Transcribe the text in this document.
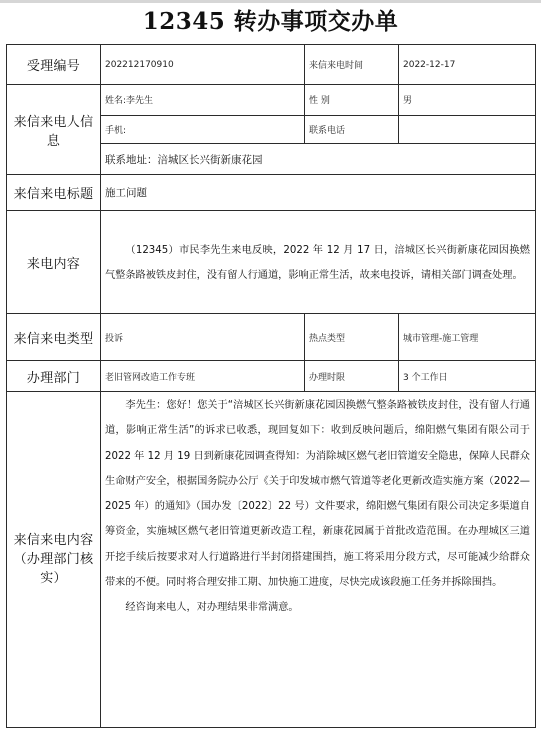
12345 转办事项交办单
受理编号	202212170910	来信来电时间	2022-12-17
来信来电人信息	姓名:李先生	性 别	男
	手机:	联系电话	
	联系地址：涪城区长兴街新康花园		
来信来电标题	施工问题		
来电内容	（12345）市民李先生来电反映，2022 年 12 月 17 日，涪城区长兴街新康花园因换燃气整条路被铁皮封住，没有留人行通道，影响正常生活，故来电投诉，请相关部门调查处理。		

来信来电类型	投诉	热点类型	城市管理-施工管理
办理部门	老旧管网改造工作专班	办理时限	3 个工作日
来信来电内容（办理部门核实）	李先生：您好！您关于“涪城区长兴街新康花园因换燃气整条路被铁皮封住，没有留人行通道，影响正常生活”的诉求已收悉，现回复如下：收到反映问题后，绵阳燃气集团有限公司于 2022 年 12 月 19 日到新康花园调查得知：为消除城区燃气老旧管道安全隐患，保障人民群众生命财产安全，根据国务院办公厅《关于印发城市燃气管道等老化更新改造实施方案（2022—2025 年）的通知》（国办发〔2022〕22 号）文件要求，绵阳燃气集团有限公司决定多渠道自筹资金，实施城区燃气老旧管道更新改造工程，新康花园属于首批改造范围。在办理城区三道开挖手续后按要求对人行道路进行半封闭搭建围挡，施工将采用分段方式，尽可能减少给群众带来的不便。同时将合理安排工期、加快施工进度，尽快完成该段施工任务并拆除围挡。

经咨询来电人，对办理结果非常满意。		
